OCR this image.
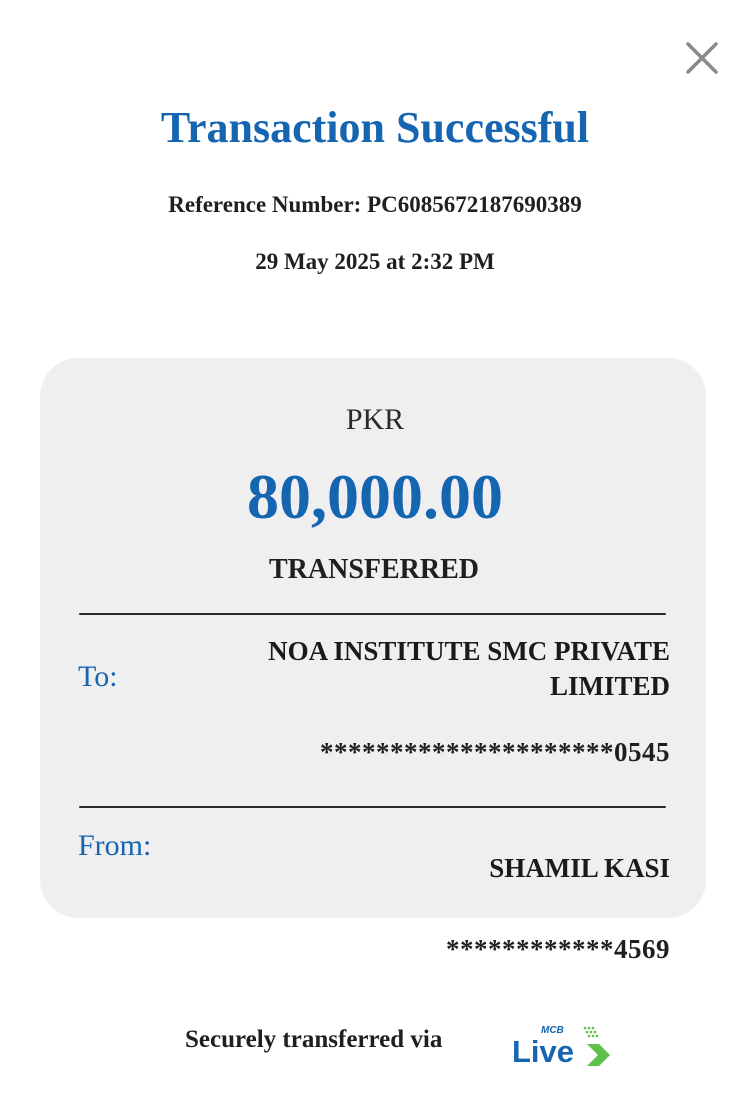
Transaction Successful
Reference Number: PC6085672187690389
29 May 2025 at 2:32 PM
PKR
80,000.00
TRANSFERRED
To:
NOA INSTITUTE SMC PRIVATE
LIMITED
*********************0545
From:
SHAMIL KASI
************4569
Securely transferred via	MCB
Live
